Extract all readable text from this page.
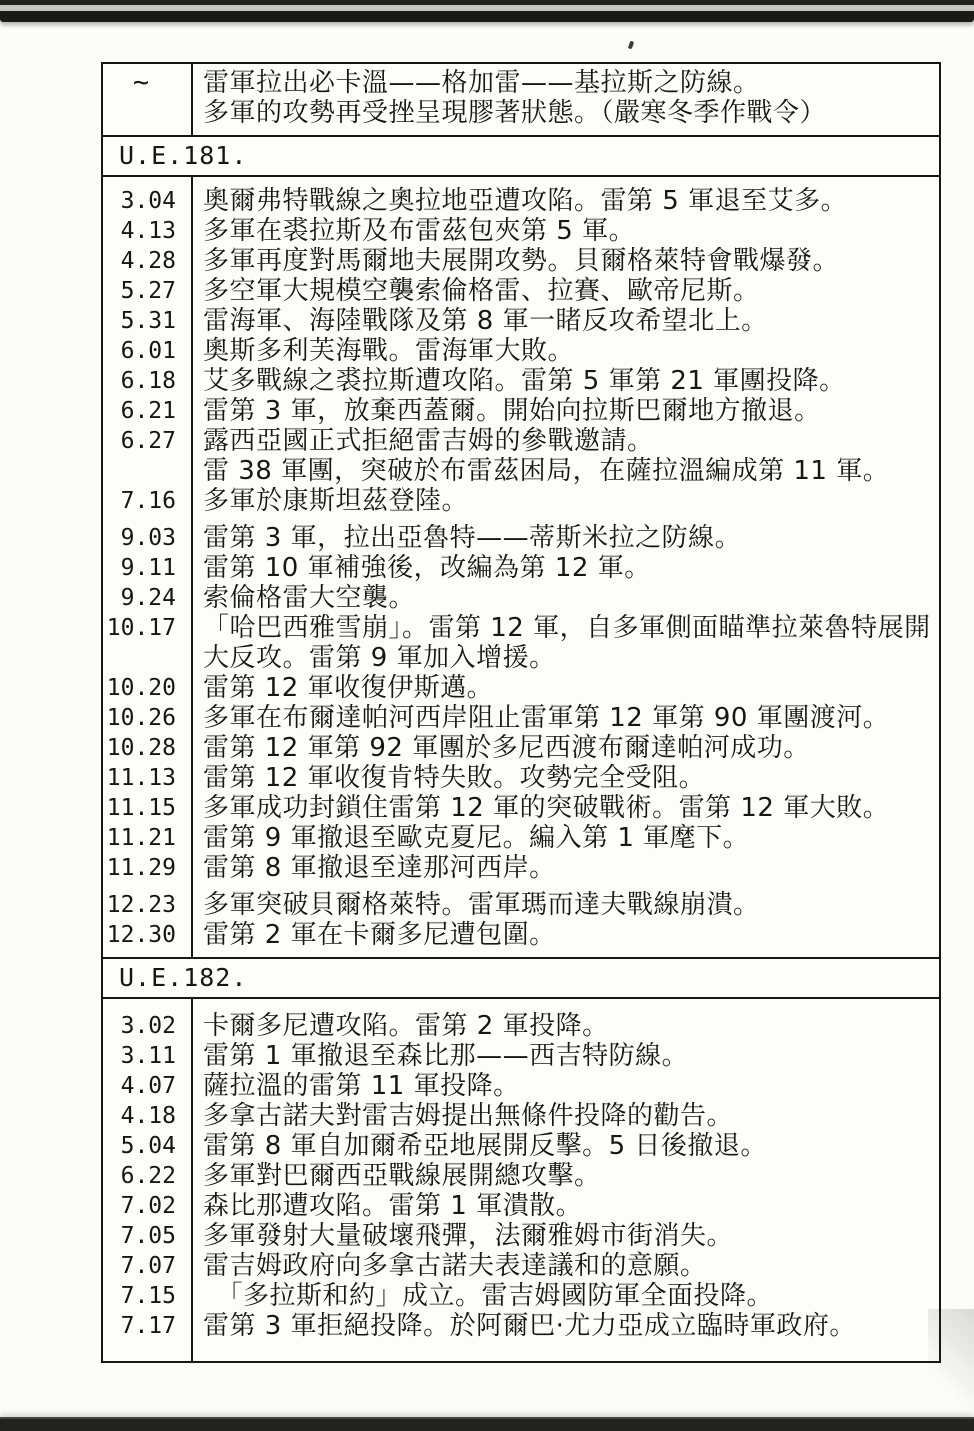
~	雷軍拉出必卡溫——格加雷——基拉斯之防線。
多軍的攻勢再受挫呈現膠著狀態。（嚴寒冬季作戰令）
U.E.181.
3.04	奧爾弗特戰線之奧拉地亞遭攻陷。雷第 5 軍退至艾多。
4.13	多軍在裘拉斯及布雷茲包夾第 5 軍。
4.28	多軍再度對馬爾地夫展開攻勢。貝爾格萊特會戰爆發。
5.27	多空軍大規模空襲索倫格雷、拉賽、歐帝尼斯。
5.31	雷海軍、海陸戰隊及第 8 軍一睹反攻希望北上。
6.01	奧斯多利芙海戰。雷海軍大敗。
6.18	艾多戰線之裘拉斯遭攻陷。雷第 5 軍第 21 軍團投降。
6.21	雷第 3 軍，放棄西蓋爾。開始向拉斯巴爾地方撤退。
6.27	露西亞國正式拒絕雷吉姆的參戰邀請。
雷 38 軍團，突破於布雷茲困局，在薩拉溫編成第 11 軍。
7.16	多軍於康斯坦茲登陸。
9.03	雷第 3 軍，拉出亞魯特——蒂斯米拉之防線。
9.11	雷第 10 軍補強後，改編為第 12 軍。
9.24	索倫格雷大空襲。
10.17	「哈巴西雅雪崩」。雷第 12 軍，自多軍側面瞄準拉萊魯特展開大反攻。雷第 9 軍加入增援。
10.20	雷第 12 軍收復伊斯邁。
10.26	多軍在布爾達帕河西岸阻止雷軍第 12 軍第 90 軍團渡河。
10.28	雷第 12 軍第 92 軍團於多尼西渡布爾達帕河成功。
11.13	雷第 12 軍收復肯特失敗。攻勢完全受阻。
11.15	多軍成功封鎖住雷第 12 軍的突破戰術。雷第 12 軍大敗。
11.21	雷第 9 軍撤退至歐克夏尼。編入第 1 軍麾下。
11.29	雷第 8 軍撤退至達那河西岸。
12.23	多軍突破貝爾格萊特。雷軍瑪而達夫戰線崩潰。
12.30	雷第 2 軍在卡爾多尼遭包圍。
U.E.182.
3.02	卡爾多尼遭攻陷。雷第 2 軍投降。
3.11	雷第 1 軍撤退至森比那——西吉特防線。
4.07	薩拉溫的雷第 11 軍投降。
4.18	多拿古諾夫對雷吉姆提出無條件投降的勸告。
5.04	雷第 8 軍自加爾希亞地展開反擊。5 日後撤退。
6.22	多軍對巴爾西亞戰線展開總攻擊。
7.02	森比那遭攻陷。雷第 1 軍潰散。
7.05	多軍發射大量破壞飛彈，法爾雅姆市街消失。
7.07	雷吉姆政府向多拿古諾夫表達議和的意願。
7.15	　「多拉斯和約」成立。雷吉姆國防軍全面投降。
7.17	雷第 3 軍拒絕投降。於阿爾巴·尤力亞成立臨時軍政府。
